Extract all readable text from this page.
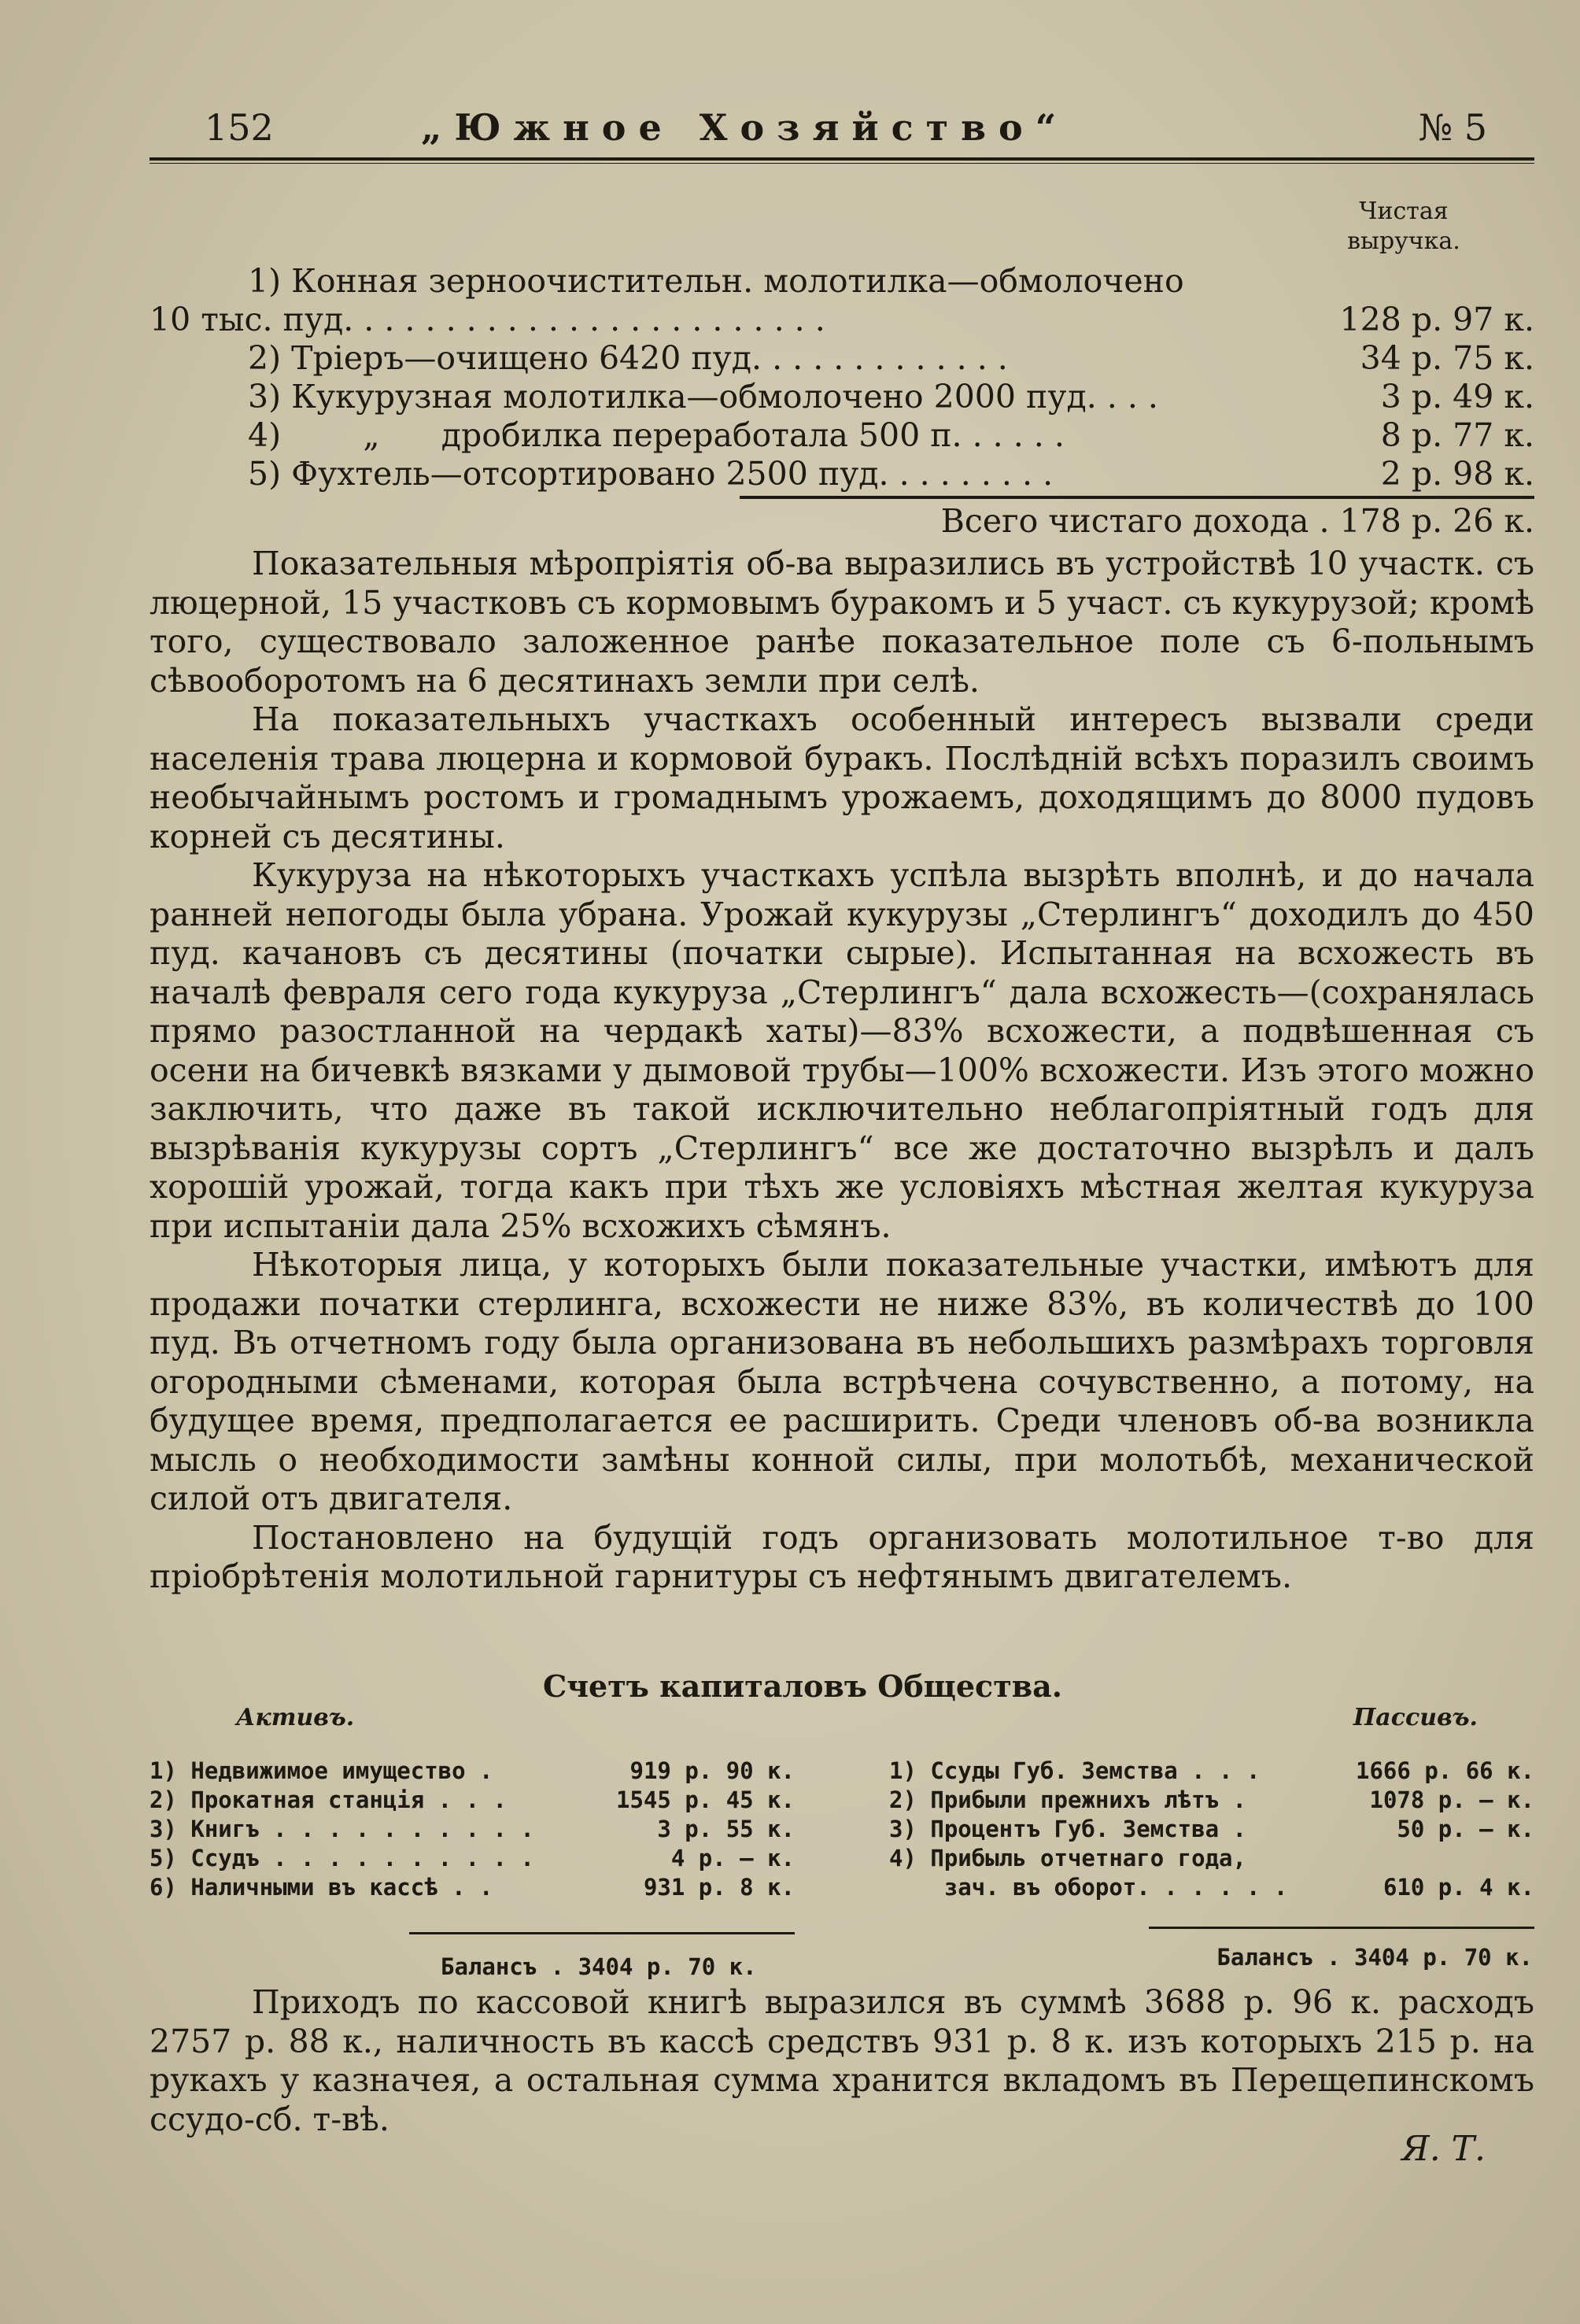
152	„Южное Хозяйство“	№ 5
Чистая выручка.
1) Конная зерноочистительн. молотилка—обмолочено
10 тыс. пуд. . . . . . . . . . . . . . . . . . . . . . . .	128 р. 97 к.
2) Тріеръ—очищено 6420 пуд. . . . . . . . . . . . .	34 р. 75 к.
3) Кукурузная молотилка—обмолочено 2000 пуд. . . .	3 р. 49 к.
4)        „      дробилка переработала 500 п. . . . . .	8 р. 77 к.
5) Фухтель—отсортировано 2500 пуд. . . . . . . . .	2 р. 98 к.
Всего чистаго дохода . 178 р. 26 к.

Показательныя мѣропріятія об-ва выразились въ устройствѣ 10 участк. съ люцерной, 15 участковъ съ кормовымъ буракомъ и 5 участ. съ кукурузой; кромѣ того, существовало заложенное ранѣе показательное поле съ 6-польнымъ сѣвооборотомъ на 6 десятинахъ земли при селѣ.

На показательныхъ участкахъ особенный интересъ вызвали среди населенія трава люцерна и кормовой буракъ. Послѣдній всѣхъ поразилъ своимъ необычайнымъ ростомъ и громаднымъ урожаемъ, доходящимъ до 8000 пудовъ корней съ десятины.

Кукуруза на нѣкоторыхъ участкахъ успѣла вызрѣть вполнѣ, и до начала ранней непогоды была убрана. Урожай кукурузы „Стерлингъ“ доходилъ до 450 пуд. качановъ съ десятины (початки сырые). Испытанная на всхожесть въ началѣ февраля сего года кукуруза „Стерлингъ“ дала всхожесть—(сохранялась прямо разостланной на чердакѣ хаты)—83% всхожести, а подвѣшенная съ осени на бичевкѣ вязками у дымовой трубы—100% всхожести. Изъ этого можно заключить, что даже въ такой исключительно неблагопріятный годъ для вызрѣванія кукурузы сортъ „Стерлингъ“ все же достаточно вызрѣлъ и далъ хорошій урожай, тогда какъ при тѣхъ же условіяхъ мѣстная желтая кукуруза при испытаніи дала 25% всхожихъ сѣмянъ.

Нѣкоторыя лица, у которыхъ были показательные участки, имѣютъ для продажи початки стерлинга, всхожести не ниже 83%, въ количествѣ до 100 пуд. Въ отчетномъ году была организована въ небольшихъ размѣрахъ торговля огородными сѣменами, которая была встрѣчена сочувственно, а потому, на будущее время, предполагается ее расширить. Среди членовъ об-ва возникла мысль о необходимости замѣны конной силы, при молотьбѣ, механической силой отъ двигателя.

Постановлено на будущій годъ организовать молотильное т-во для пріобрѣтенія молотильной гарнитуры съ нефтянымъ двигателемъ.

Счетъ капиталовъ Общества.
Активъ.	Пассивъ.
1) Недвижимое имущество .	919 р. 90 к.
2) Прокатная станція . . .	1545 р. 45 к.
3) Книгъ . . . . . . . . . .	3 р. 55 к.
5) Ссудъ . . . . . . . . . .	4 р. — к.
6) Наличными въ кассѣ . .	931 р. 8 к.
1) Ссуды Губ. Земства . . .	1666 р. 66 к.
2) Прибыли прежнихъ лѣтъ .	1078 р. — к.
3) Процентъ Губ. Земства .	50 р. — к.
4) Прибыль отчетнаго года,
зач. въ оборот. . . . . .	610 р. 4 к.
Балансъ . 3404 р. 70 к.	Балансъ . 3404 р. 70 к.

Приходъ по кассовой книгѣ выразился въ суммѣ 3688 р. 96 к. расходъ 2757 р. 88 к., наличность въ кассѣ средствъ 931 р. 8 к. изъ которыхъ 215 р. на рукахъ у казначея, а остальная сумма хранится вкладомъ въ Перещепинскомъ ссудо-сб. т-вѣ.

Я. Т.
